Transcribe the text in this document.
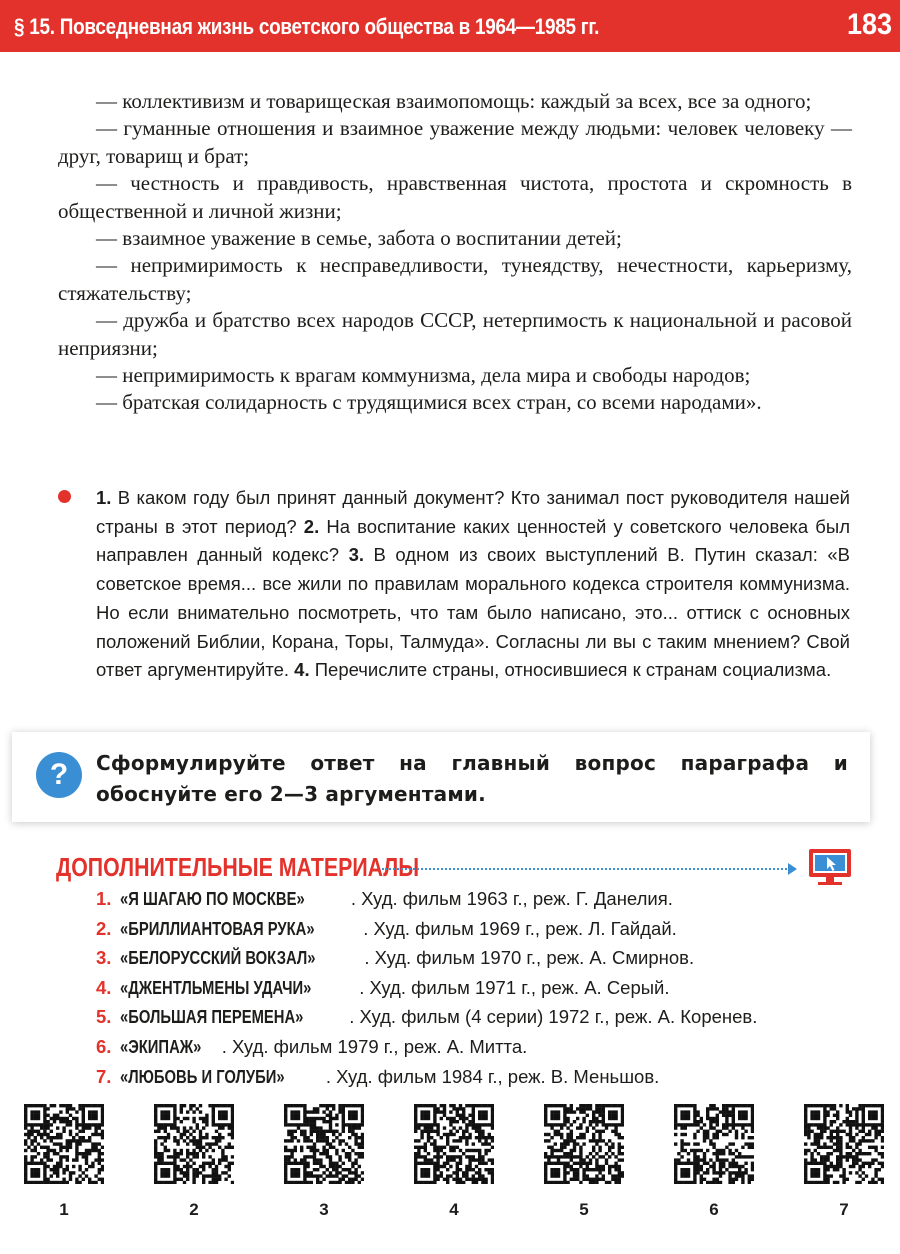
§ 15. Повседневная жизнь советского общества в 1964—1985 гг.	183

— коллективизм и товарищеская взаимопомощь: каждый за всех, все за одного;

— гуманные отношения и взаимное уважение между людьми: человек человеку — друг, товарищ и брат;

— честность и правдивость, нравственная чистота, простота и скромность в общественной и личной жизни;

— взаимное уважение в семье, забота о воспитании детей;

— непримиримость к несправедливости, тунеядству, нечестности, карьеризму, стяжательству;

— дружба и братство всех народов СССР, нетерпимость к национальной и расовой неприязни;

— непримиримость к врагам коммунизма, дела мира и свободы народов;

— братская солидарность с трудящимися всех стран, со всеми народами».

1. В каком году был принят данный документ? Кто занимал пост руководителя нашей страны в этот период? 2. На воспитание каких ценностей у советского человека был направлен данный кодекс? 3. В одном из своих выступлений В. Путин сказал: «В советское время... все жили по правилам морального кодекса строителя коммунизма. Но если внимательно посмотреть, что там было написано, это... оттиск с основных положений Библии, Корана, Торы, Талмуда». Согласны ли вы с таким мнением? Свой ответ аргументируйте. 4. Перечислите страны, относившиеся к странам социализма.

?	Сформулируйте ответ на главный вопрос параграфа и обоснуйте его 2—3 аргументами.

ДОПОЛНИТЕЛЬНЫЕ МАТЕРИАЛЫ
1. «Я ШАГАЮ ПО МОСКВЕ» . Худ. фильм 1963 г., реж. Г. Данелия.
2. «БРИЛЛИАНТОВАЯ РУКА»	. Худ. фильм 1969 г., реж. Л. Гайдай.
3. «БЕЛОРУССКИЙ ВОКЗАЛ»	. Худ. фильм 1970 г., реж. А. Смирнов.
4. «ДЖЕНТЛЬМЕНЫ УДАЧИ»	. Худ. фильм 1971 г., реж. А. Серый.
5. «БОЛЬШАЯ ПЕРЕМЕНА» . Худ. фильм (4 серии) 1972 г., реж. А. Коренев.
6. «ЭКИПАЖ» . Худ. фильм 1979 г., реж. А. Митта.
7. «ЛЮБОВЬ И ГОЛУБИ» . Худ. фильм 1984 г., реж. В. Меньшов.
1	2	3	4	5	6	7
